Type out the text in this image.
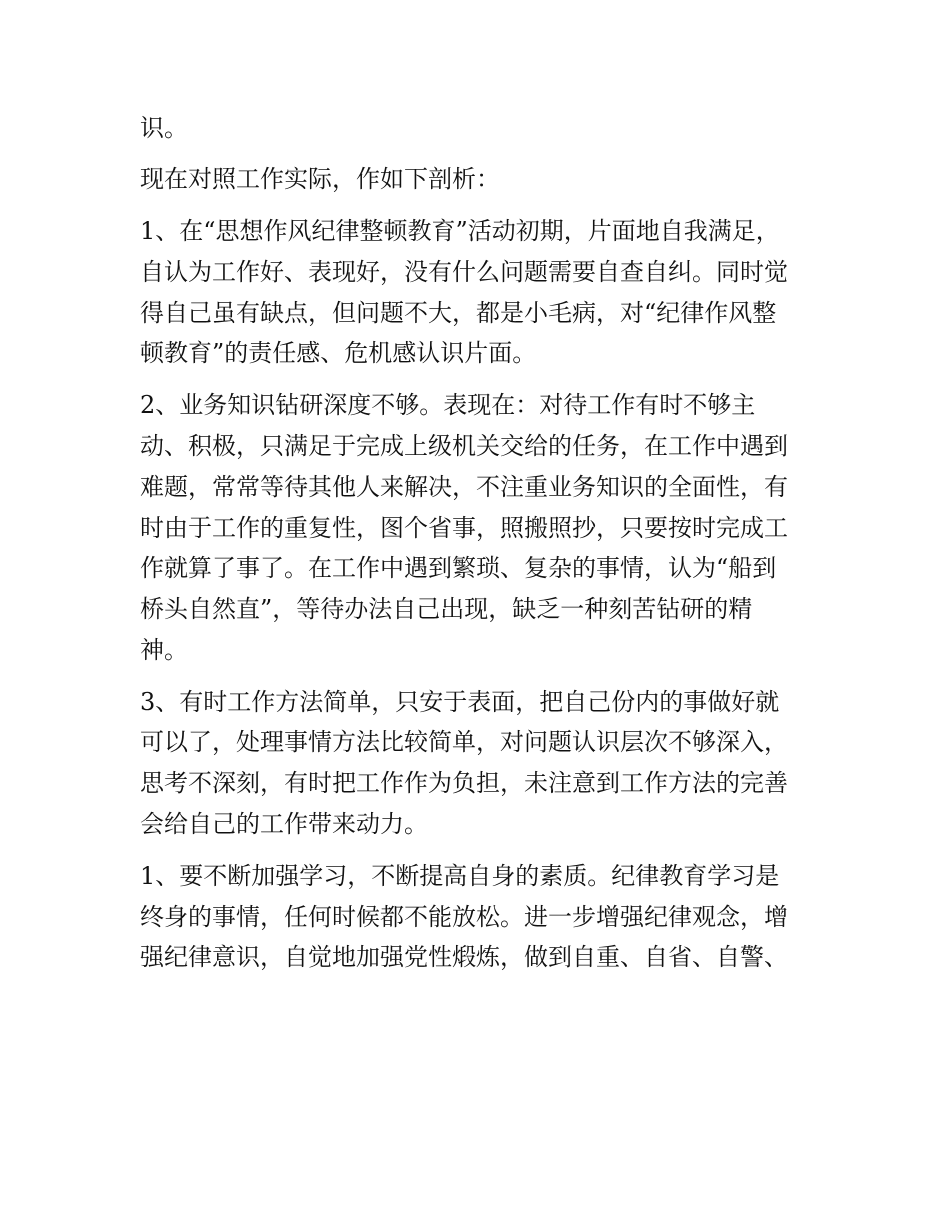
识。
现在对照工作实际，作如下剖析：
1、在“思想作风纪律整顿教育”活动初期，片面地自我满足，
自认为工作好、表现好，没有什么问题需要自查自纠。同时觉
得自己虽有缺点，但问题不大，都是小毛病，对“纪律作风整
顿教育”的责任感、危机感认识片面。
2、业务知识钻研深度不够。表现在：对待工作有时不够主
动、积极，只满足于完成上级机关交给的任务，在工作中遇到
难题，常常等待其他人来解决，不注重业务知识的全面性，有
时由于工作的重复性，图个省事，照搬照抄，只要按时完成工
作就算了事了。在工作中遇到繁琐、复杂的事情，认为“船到
桥头自然直”，等待办法自己出现，缺乏一种刻苦钻研的精
神。
3、有时工作方法简单，只安于表面，把自己份内的事做好就
可以了，处理事情方法比较简单，对问题认识层次不够深入，
思考不深刻，有时把工作作为负担，未注意到工作方法的完善
会给自己的工作带来动力。
1、要不断加强学习，不断提高自身的素质。纪律教育学习是
终身的事情，任何时候都不能放松。进一步增强纪律观念，增
强纪律意识，自觉地加强党性煅炼，做到自重、自省、自警、
